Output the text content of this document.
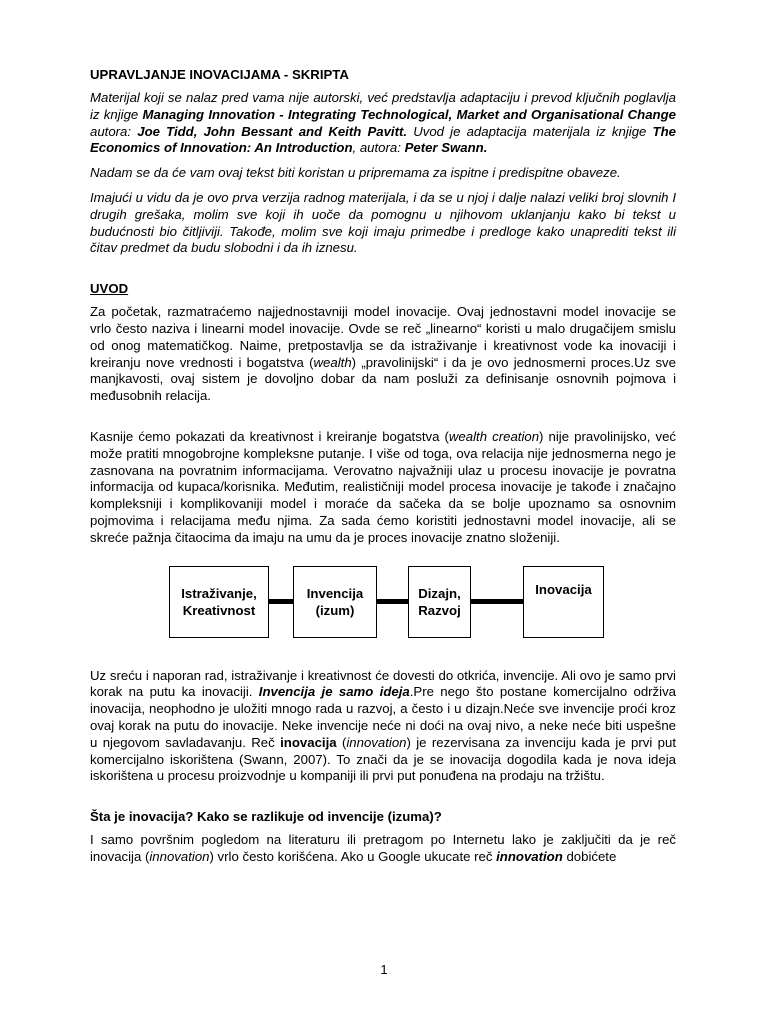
UPRAVLJANJE INOVACIJAMA - SKRIPTA

Materijal koji se nalaz pred vama nije autorski, već predstavlja adaptaciju i prevod ključnih poglavlja iz knjige Managing Innovation - Integrating Technological, Market and Organisational Change autora: Joe Tidd, John Bessant and Keith Pavitt. Uvod je adaptacija materijala iz knjige The Economics of Innovation: An Introduction, autora: Peter Swann.

Nadam se da će vam ovaj tekst biti koristan u pripremama za ispitne i predispitne obaveze.

Imajući u vidu da je ovo prva verzija radnog materijala, i da se u njoj i dalje nalazi veliki broj slovnih I drugih grešaka, molim sve koji ih uoče da pomognu u njihovom uklanjanju kako bi tekst u budućnosti bio čitljiviji. Takođe, molim sve koji imaju primedbe i predloge kako unaprediti tekst ili čitav predmet da budu slobodni i da ih iznesu.

UVOD

Za početak, razmatraćemo najjednostavniji model inovacije. Ovaj jednostavni model inovacije se vrlo često naziva i linearni model inovacije. Ovde se reč „linearno“ koristi u malo drugačijem smislu od onog matematičkog. Naime, pretpostavlja se da istraživanje i kreativnost vode ka inovaciji i kreiranju nove vrednosti i bogatstva (wealth) „pravolinijski“ i da je ovo jednosmerni proces.Uz sve manjkavosti, ovaj sistem je dovoljno dobar da nam posluži za definisanje osnovnih pojmova i međusobnih relacija.

Kasnije ćemo pokazati da kreativnost i kreiranje bogatstva (wealth creation) nije pravolinijsko, već može pratiti mnogobrojne kompleksne putanje. I više od toga, ova relacija nije jednosmerna nego je zasnovana na povratnim informacijama. Verovatno najvažniji ulaz u procesu inovacije je povratna informacija od kupaca/korisnika. Međutim, realističniji model procesa inovacije je takođe i značajno kompleksniji i komplikovaniji model i moraće da sačeka da se bolje upoznamo sa osnovnim pojmovima i relacijama među njima. Za sada ćemo koristiti jednostavni model inovacije, ali se skreće pažnja čitaocima da imaju na umu da je proces inovacije znatno složeniji.

Istraživanje,
Kreativnost
Invencija
(izum)
Dizajn,
Razvoj
Inovacija

Uz sreću i naporan rad, istraživanje i kreativnost će dovesti do otkrića, invencije. Ali ovo je samo prvi korak na putu ka inovaciji. Invencija je samo ideja.Pre nego što postane komercijalno održiva inovacija, neophodno je uložiti mnogo rada u razvoj, a često i u dizajn.Neće sve invencije proći kroz ovaj korak na putu do inovacije. Neke invencije neće ni doći na ovaj nivo, a neke neće biti uspešne u njegovom savladavanju. Reč inovacija (innovation) je rezervisana za invenciju kada je prvi put komercijalno iskorištena (Swann, 2007). To znači da je se inovacija dogodila kada je nova ideja iskorištena u procesu proizvodnje u kompaniji ili prvi put ponuđena na prodaju na tržištu.

Šta je inovacija? Kako se razlikuje od invencije (izuma)?

I samo površnim pogledom na literaturu ili pretragom po Internetu lako je zaključiti da je reč inovacija (innovation) vrlo često korišćena. Ako u Google ukucate reč innovation dobićete

1
